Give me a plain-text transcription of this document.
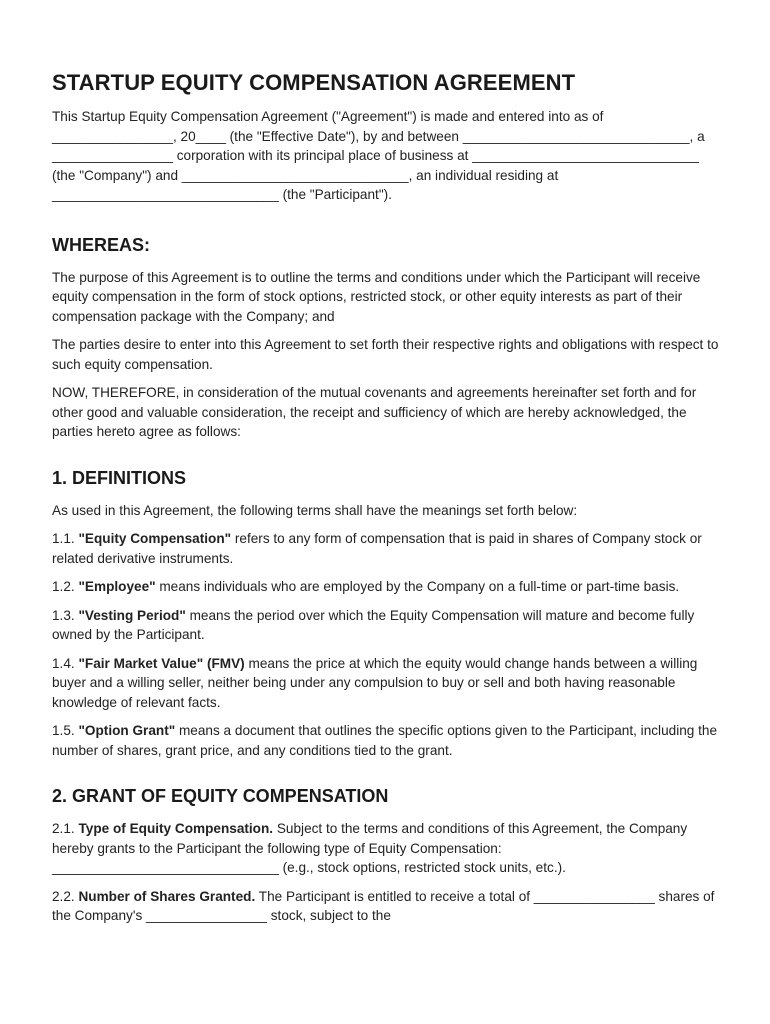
STARTUP EQUITY COMPENSATION AGREEMENT

This Startup Equity Compensation Agreement ("Agreement") is made and entered into as of ________________, 20____ (the "Effective Date"), by and between ______________________________, a ________________ corporation with its principal place of business at ______________________________ (the "Company") and ______________________________, an individual residing at ______________________________ (the "Participant").

WHEREAS:

The purpose of this Agreement is to outline the terms and conditions under which the Participant will receive equity compensation in the form of stock options, restricted stock, or other equity interests as part of their compensation package with the Company; and

The parties desire to enter into this Agreement to set forth their respective rights and obligations with respect to such equity compensation.

NOW, THEREFORE, in consideration of the mutual covenants and agreements hereinafter set forth and for other good and valuable consideration, the receipt and sufficiency of which are hereby acknowledged, the parties hereto agree as follows:

1. DEFINITIONS

As used in this Agreement, the following terms shall have the meanings set forth below:

1.1. "Equity Compensation" refers to any form of compensation that is paid in shares of Company stock or related derivative instruments.

1.2. "Employee" means individuals who are employed by the Company on a full-time or part-time basis.

1.3. "Vesting Period" means the period over which the Equity Compensation will mature and become fully owned by the Participant.

1.4. "Fair Market Value" (FMV) means the price at which the equity would change hands between a willing buyer and a willing seller, neither being under any compulsion to buy or sell and both having reasonable knowledge of relevant facts.

1.5. "Option Grant" means a document that outlines the specific options given to the Participant, including the number of shares, grant price, and any conditions tied to the grant.

2. GRANT OF EQUITY COMPENSATION

2.1. Type of Equity Compensation. Subject to the terms and conditions of this Agreement, the Company hereby grants to the Participant the following type of Equity Compensation: ______________________________ (e.g., stock options, restricted stock units, etc.).

2.2. Number of Shares Granted. The Participant is entitled to receive a total of ________________ shares of the Company's ________________ stock, subject to the
